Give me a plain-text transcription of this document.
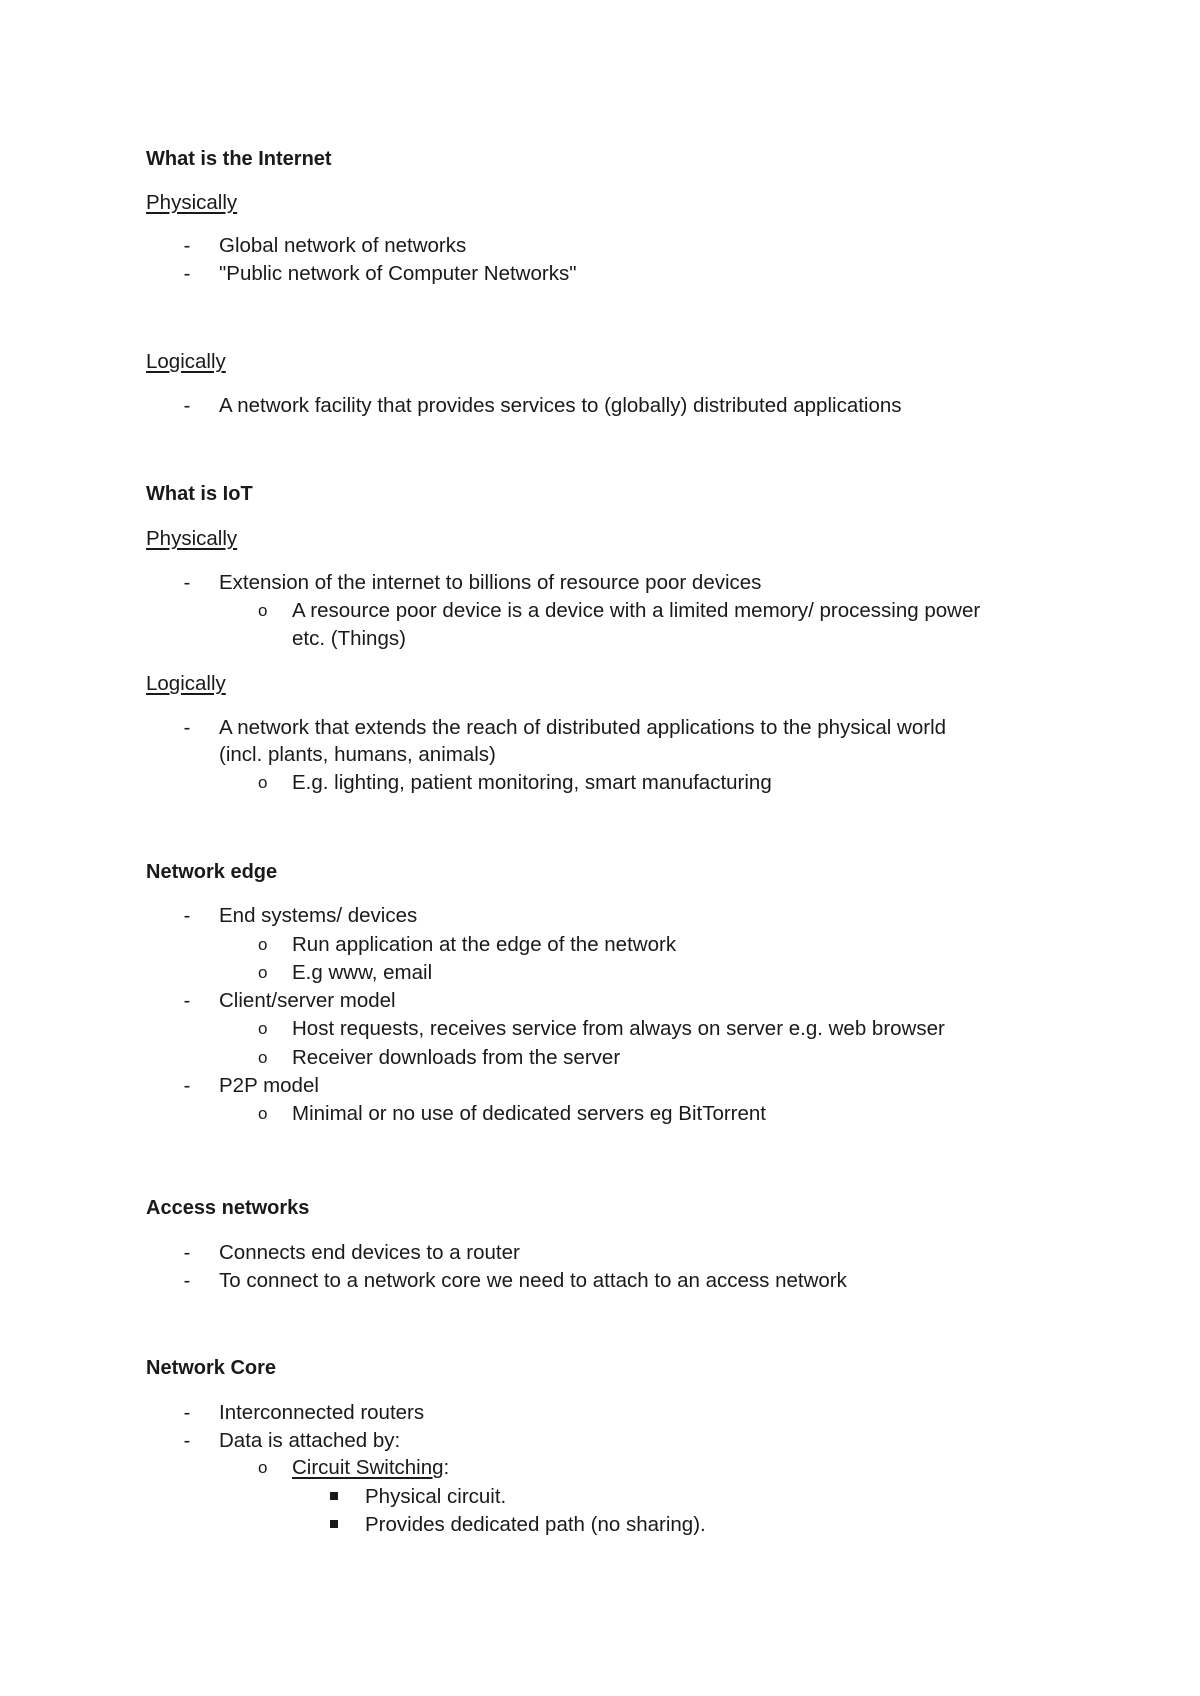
What is the Internet
Physically
- Global network of networks
- "Public network of Computer Networks"
Logically
- A network facility that provides services to (globally) distributed applications
What is IoT
Physically
- Extension of the internet to billions of resource poor devices
o A resource poor device is a device with a limited memory/ processing power
etc. (Things)
Logically
- A network that extends the reach of distributed applications to the physical world
(incl. plants, humans, animals)
o E.g. lighting, patient monitoring, smart manufacturing
Network edge
- End systems/ devices
o Run application at the edge of the network
o E.g www, email
- Client/server model
o Host requests, receives service from always on server e.g. web browser
o Receiver downloads from the server
- P2P model
o Minimal or no use of dedicated servers eg BitTorrent
Access networks
- Connects end devices to a router
- To connect to a network core we need to attach to an access network
Network Core
- Interconnected routers
- Data is attached by:
o Circuit Switching:
Physical circuit.
Provides dedicated path (no sharing).
